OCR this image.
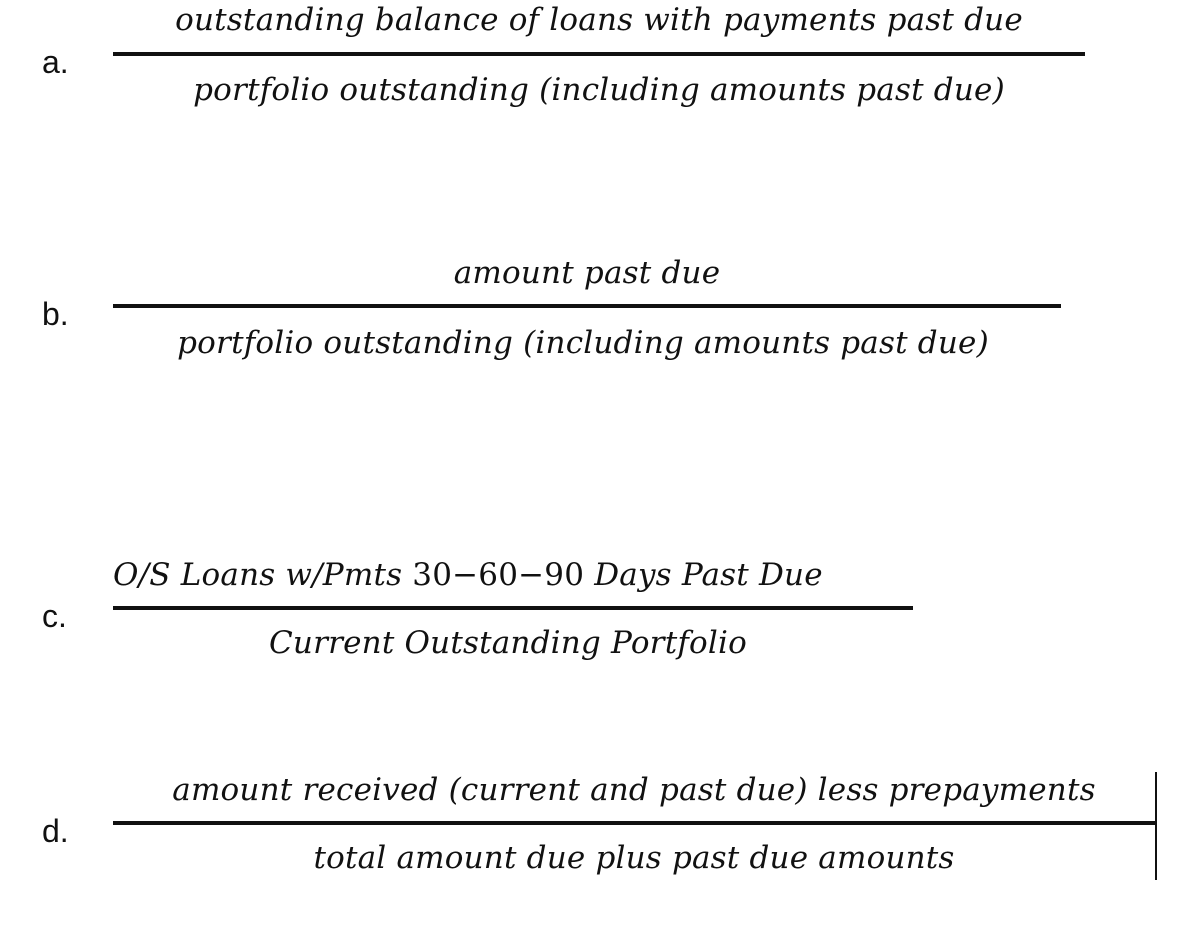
a.
outstanding balance of loans with payments past due
portfolio outstanding (including amounts past due)
b.
amount past due
portfolio outstanding (including amounts past due)
c.
O/S Loans w/Pmts 30−60−90 Days Past Due
Current Outstanding Portfolio
d.
amount received (current and past due) less prepayments
total amount due plus past due amounts
